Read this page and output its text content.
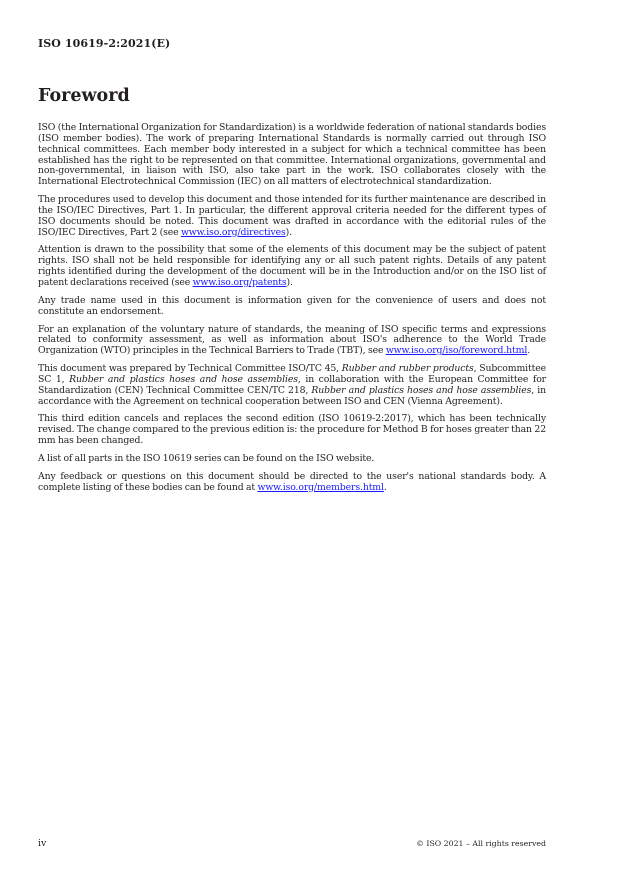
ISO 10619-2:2021(E)
Foreword

ISO (the International Organization for Standardization) is a worldwide federation of national standards bodies (ISO member bodies). The work of preparing International Standards is normally carried out through ISO technical committees. Each member body interested in a subject for which a technical committee has been established has the right to be represented on that committee. International organizations, governmental and non-governmental, in liaison with ISO, also take part in the work. ISO collaborates closely with the International Electrotechnical Commission (IEC) on all matters of electrotechnical standardization.

The procedures used to develop this document and those intended for its further maintenance are described in the ISO/IEC Directives, Part 1. In particular, the different approval criteria needed for the different types of ISO documents should be noted. This document was drafted in accordance with the editorial rules of the ISO/IEC Directives, Part 2 (see www.iso.org/directives).

Attention is drawn to the possibility that some of the elements of this document may be the subject of patent rights. ISO shall not be held responsible for identifying any or all such patent rights. Details of any patent rights identified during the development of the document will be in the Introduction and/or on the ISO list of patent declarations received (see www.iso.org/patents).

Any trade name used in this document is information given for the convenience of users and does not constitute an endorsement.

For an explanation of the voluntary nature of standards, the meaning of ISO specific terms and expressions related to conformity assessment, as well as information about ISO's adherence to the World Trade Organization (WTO) principles in the Technical Barriers to Trade (TBT), see www.iso.org/iso/foreword.html.

This document was prepared by Technical Committee ISO/TC 45, Rubber and rubber products, Subcommittee SC 1, Rubber and plastics hoses and hose assemblies, in collaboration with the European Committee for Standardization (CEN) Technical Committee CEN/TC 218, Rubber and plastics hoses and hose assemblies, in accordance with the Agreement on technical cooperation between ISO and CEN (Vienna Agreement).

This third edition cancels and replaces the second edition (ISO 10619-2:2017), which has been technically revised. The change compared to the previous edition is: the procedure for Method B for hoses greater than 22 mm has been changed.

A list of all parts in the ISO 10619 series can be found on the ISO website.

Any feedback or questions on this document should be directed to the user's national standards body. A complete listing of these bodies can be found at www.iso.org/members.html.

iv	© ISO 2021 – All rights reserved
